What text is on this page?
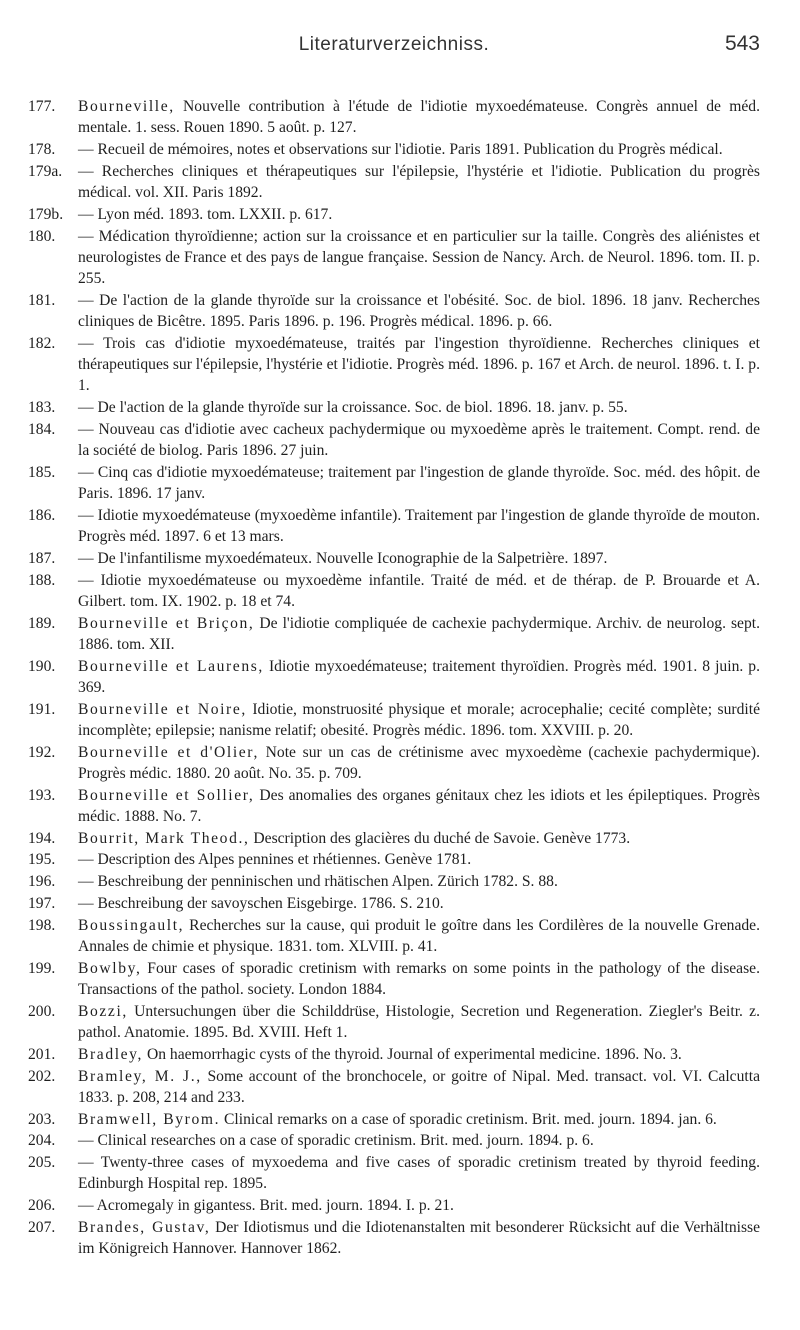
Literaturverzeichniss.	543
177.	Bourneville, Nouvelle contribution à l'étude de l'idiotie myxoedémateuse. Congrès annuel de méd. mentale. 1. sess. Rouen 1890. 5 août. p. 127.
178.	— Recueil de mémoires, notes et observations sur l'idiotie. Paris 1891. Publication du Progrès médical.
179a.	— Recherches cliniques et thérapeutiques sur l'épilepsie, l'hystérie et l'idiotie. Publication du progrès médical. vol. XII. Paris 1892.
179b. — Lyon méd. 1893. tom. LXXII. p. 617.
180.	— Médication thyroïdienne; action sur la croissance et en particulier sur la taille. Congrès des aliénistes et neurologistes de France et des pays de langue française. Session de Nancy. Arch. de Neurol. 1896. tom. II. p. 255.
181.	— De l'action de la glande thyroïde sur la croissance et l'obésité. Soc. de biol. 1896. 18 janv. Recherches cliniques de Bicêtre. 1895. Paris 1896. p. 196. Progrès médical. 1896. p. 66.
182.	— Trois cas d'idiotie myxoedémateuse, traités par l'ingestion thyroïdienne. Recherches cliniques et thérapeutiques sur l'épilepsie, l'hystérie et l'idiotie. Progrès méd. 1896. p. 167 et Arch. de neurol. 1896. t. I. p. 1.
183.	— De l'action de la glande thyroïde sur la croissance. Soc. de biol. 1896. 18. janv. p. 55.
184.	— Nouveau cas d'idiotie avec cacheux pachydermique ou myxoedème après le traitement. Compt. rend. de la société de biolog. Paris 1896. 27 juin.
185.	— Cinq cas d'idiotie myxoedémateuse; traitement par l'ingestion de glande thyroïde. Soc. méd. des hôpit. de Paris. 1896. 17 janv.
186.	— Idiotie myxoedémateuse (myxoedème infantile). Traitement par l'ingestion de glande thyroïde de mouton. Progrès méd. 1897. 6 et 13 mars.
187.	— De l'infantilisme myxoedémateux. Nouvelle Iconographie de la Salpetrière. 1897.
188.	— Idiotie myxoedémateuse ou myxoedème infantile. Traité de méd. et de thérap. de P. Brouarde et A. Gilbert. tom. IX. 1902. p. 18 et 74.
189.	Bourneville et Briçon, De l'idiotie compliquée de cachexie pachydermique. Archiv. de neurolog. sept. 1886. tom. XII.
190.	Bourneville et Laurens, Idiotie myxoedémateuse; traitement thyroïdien. Progrès méd. 1901. 8 juin. p. 369.
191.	Bourneville et Noire, Idiotie, monstruosité physique et morale; acrocephalie; cecité complète; surdité incomplète; epilepsie; nanisme relatif; obesité. Progrès médic. 1896. tom. XXVIII. p. 20.
192.	Bourneville et d'Olier, Note sur un cas de crétinisme avec myxoedème (cachexie pachydermique). Progrès médic. 1880. 20 août. No. 35. p. 709.
193.	Bourneville et Sollier, Des anomalies des organes génitaux chez les idiots et les épileptiques. Progrès médic. 1888. No. 7.
194.	Bourrit, Mark Theod., Description des glacières du duché de Savoie. Genève 1773.
195.	— Description des Alpes pennines et rhétiennes. Genève 1781.
196.	— Beschreibung der penninischen und rhätischen Alpen. Zürich 1782. S. 88.
197.	— Beschreibung der savoyschen Eisgebirge. 1786. S. 210.
198.	Boussingault, Recherches sur la cause, qui produit le goître dans les Cordilères de la nouvelle Grenade. Annales de chimie et physique. 1831. tom. XLVIII. p. 41.
199.	Bowlby, Four cases of sporadic cretinism with remarks on some points in the pathology of the disease. Transactions of the pathol. society. London 1884.
200.	Bozzi, Untersuchungen über die Schilddrüse, Histologie, Secretion und Regeneration. Ziegler's Beitr. z. pathol. Anatomie. 1895. Bd. XVIII. Heft 1.
201.	Bradley, On haemorrhagic cysts of the thyroid. Journal of experimental medicine. 1896. No. 3.
202.	Bramley, M. J., Some account of the bronchocele, or goitre of Nipal. Med. transact. vol. VI. Calcutta 1833. p. 208, 214 and 233.
203.	Bramwell, Byrom. Clinical remarks on a case of sporadic cretinism. Brit. med. journ. 1894. jan. 6.
204.	— Clinical researches on a case of sporadic cretinism. Brit. med. journ. 1894. p. 6.
205.	— Twenty-three cases of myxoedema and five cases of sporadic cretinism treated by thyroid feeding. Edinburgh Hospital rep. 1895.
206.	— Acromegaly in gigantess. Brit. med. journ. 1894. I. p. 21.
207.	Brandes, Gustav, Der Idiotismus und die Idiotenanstalten mit besonderer Rücksicht auf die Verhältnisse im Königreich Hannover. Hannover 1862.
